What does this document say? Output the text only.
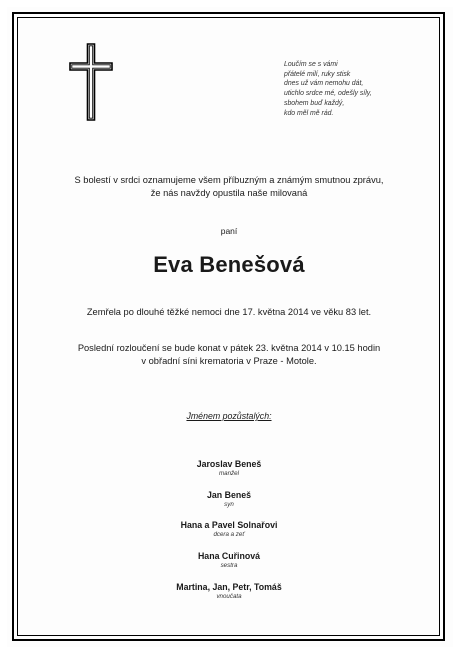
Loučím se s vámi
přátelé milí, ruky stisk
dnes už vám nemohu dát,
utichlo srdce mé, odešly síly,
sbohem buď každý,
kdo měl mě rád.
S bolestí v srdci oznamujeme všem příbuzným a známým smutnou zprávu,
že nás navždy opustila naše milovaná
paní
Eva Benešová
Zemřela po dlouhé těžké nemoci dne 17. května 2014 ve věku 83 let.
Poslední rozloučení se bude konat v pátek 23. května 2014 v 10.15 hodin
v obřadní síni krematoria v Praze - Motole.
Jménem pozůstalých:
Jaroslav Beneš
manžel
Jan Beneš
syn
Hana a Pavel Solnařovi
dcera a zeť
Hana Cuřinová
sestra
Martina, Jan, Petr, Tomáš
vnoučata
